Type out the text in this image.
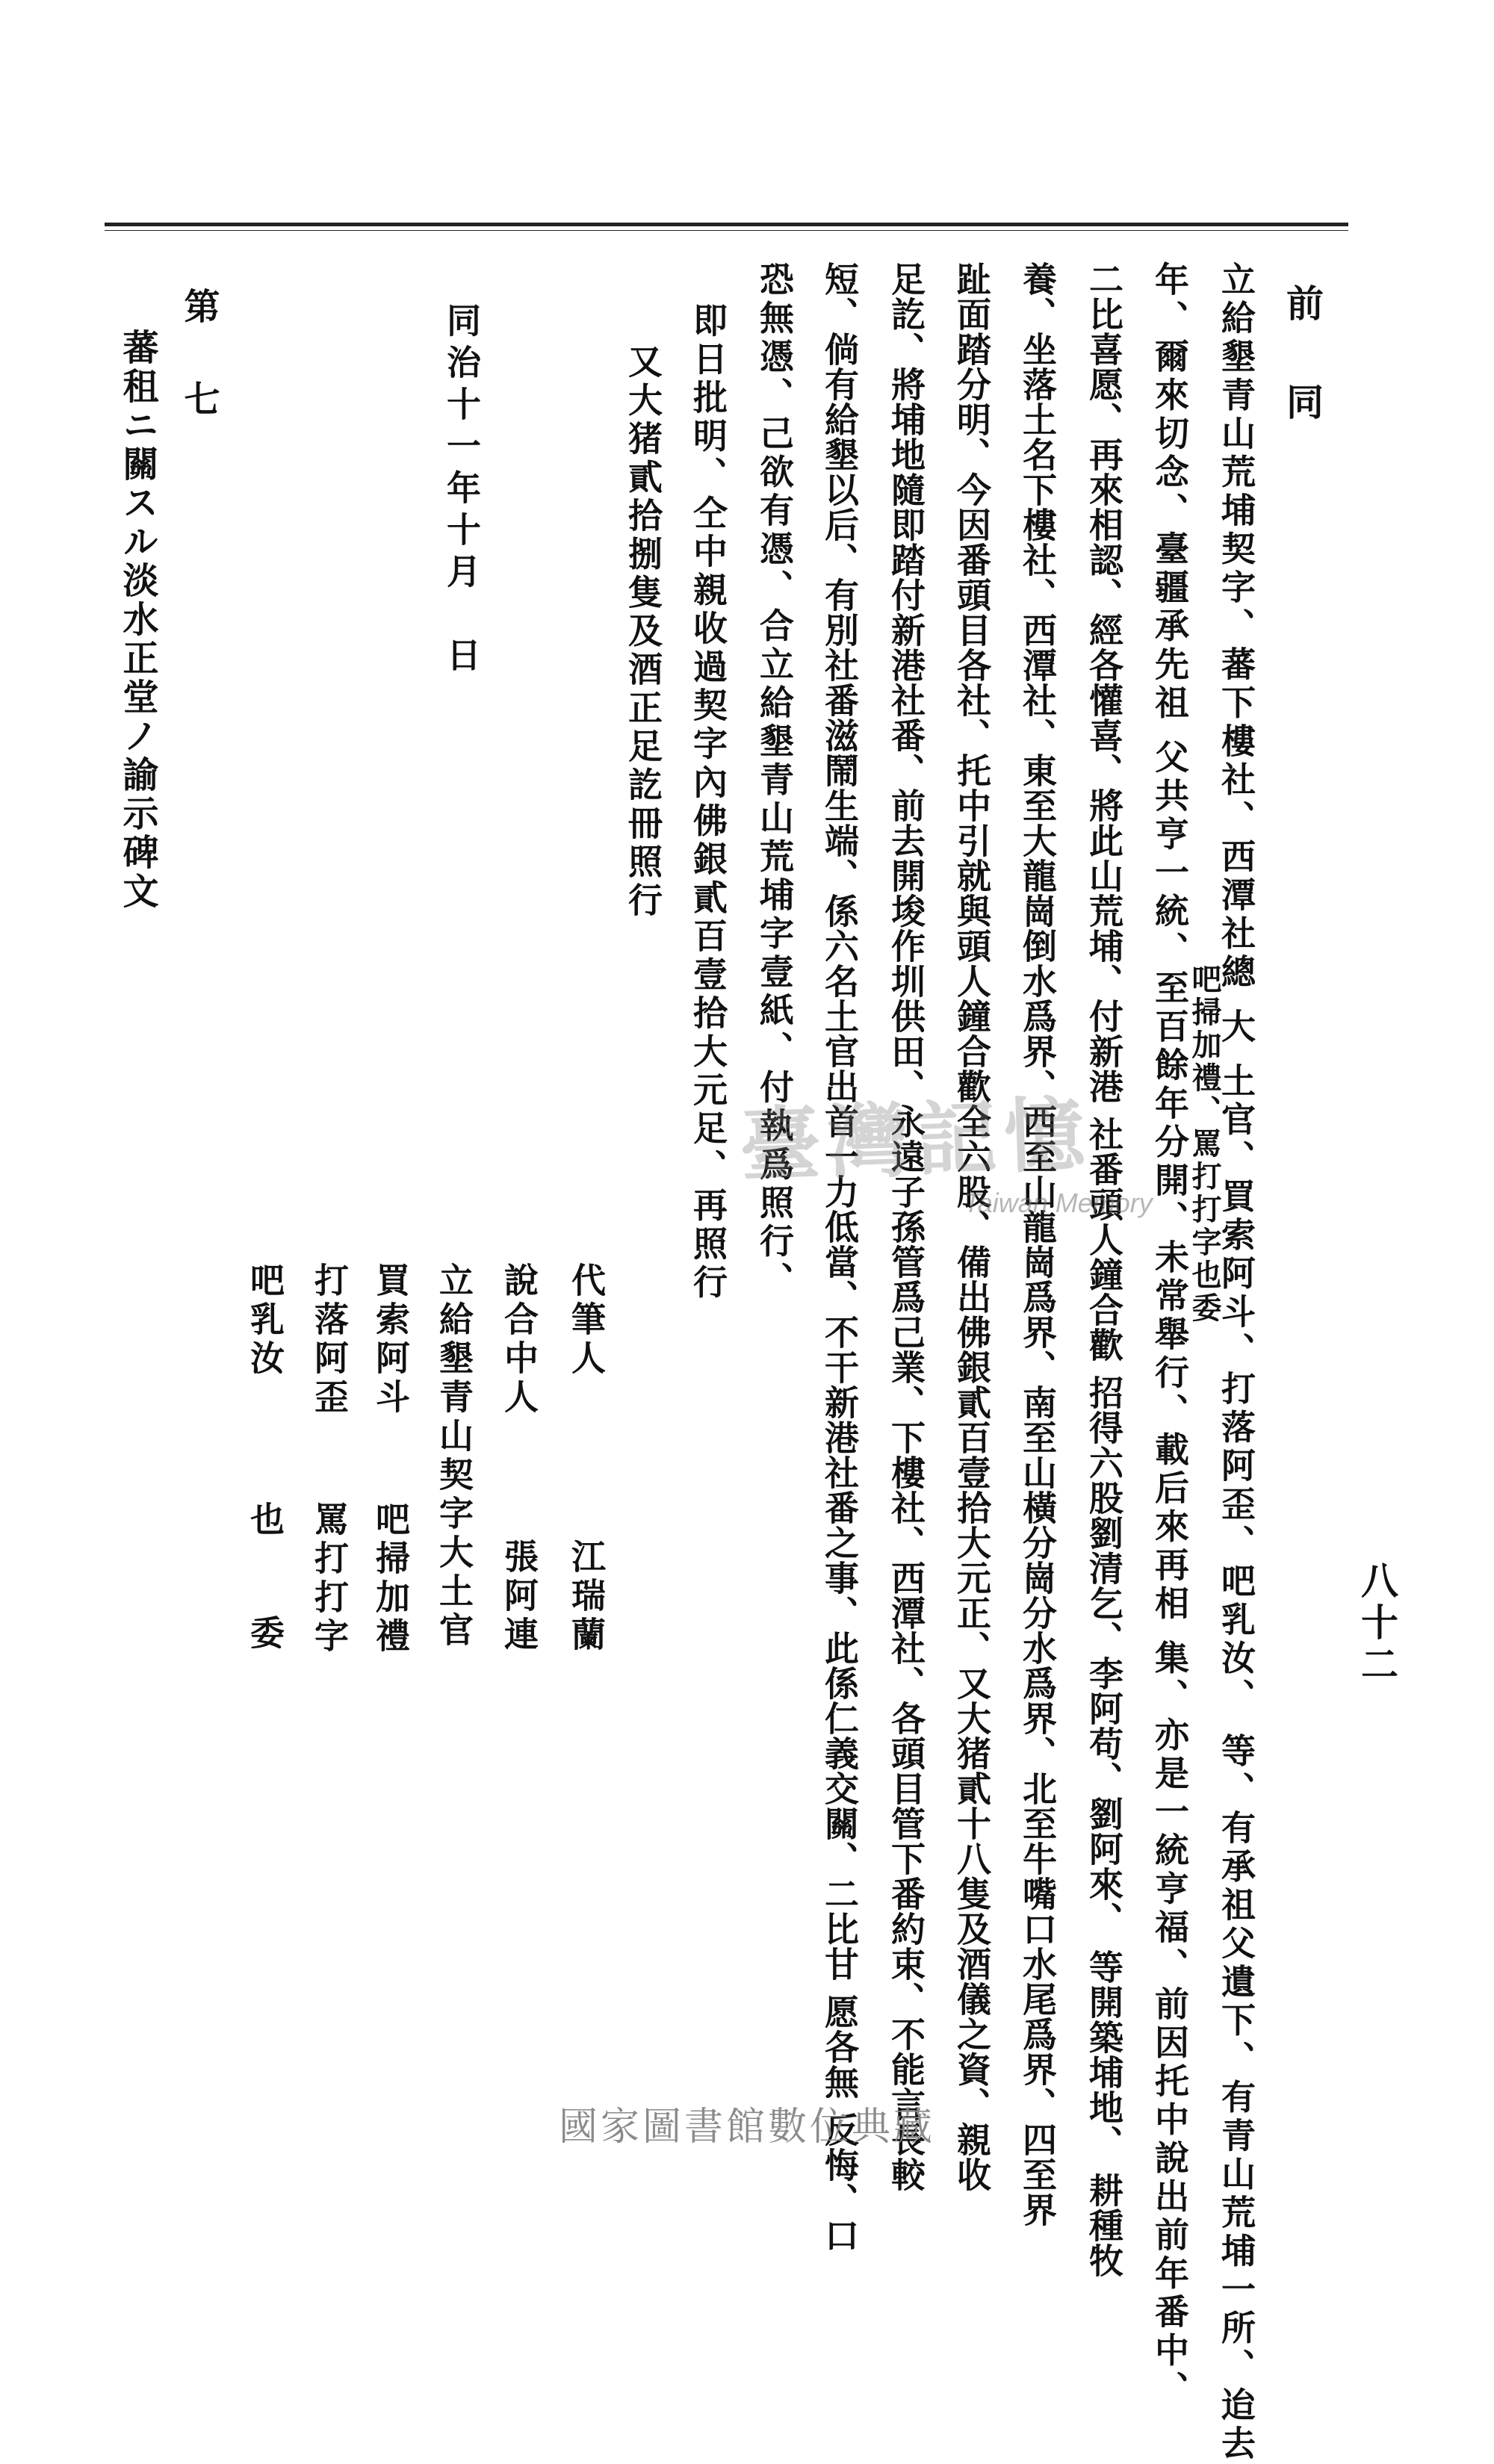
八十二
前　同
立給墾青山荒埔契字、蕃下樓社、西潭社總 大 土官、買索阿斗、打落阿歪、吧乳汝、 等、有承祖父遺下、有青山荒埔一所、迨去
年、爾來切念、臺疆承先祖 父共亨一統、至百餘年分開、未常舉行、載后來再相 集、亦是一統亨福、前因托中說出前年番中、
二比喜愿、再來相認、經各懽喜、將此山荒埔、付新港 社番頭人鐘合歡 招得六股劉清乞、李阿苟、劉阿來、 等開築埔地、 耕種牧
養、坐落土名下樓社、西潭社、東至大龍崗倒水爲界、西至山龍崗爲界、南至山橫分崗分水爲界、北至牛嘴口水尾爲界、四至界
趾面踏分明、今因番頭目各社、托中引就與頭人鐘合歡全六股、備出佛銀貳百壹拾大元正、又大猪貳十八隻及酒儀之資、親收
足訖、將埔地隨即踏付新港社番、前去開埈作圳供田、永遠子孫管爲己業、下樓社、西潭社、各頭目管下番約束、不能言長較
短、倘有給墾以后、有別社番滋鬧生端、係六名土官出首一力低當、不干新港社番之事、此係仁義交關、二比甘 愿各無 反悔、口
恐無憑、己欲有憑、合立給墾青山荒埔字壹紙、付執爲照行、
即日批明、仝中親收過契字內佛銀貳百壹拾大元足、再照行
又大猪貳拾捌隻及酒正足訖冊照行
吧掃加禮、罵打打字也委
同治十一年十月　日
代筆人
江瑞蘭
說合中人
張阿連
立給墾青山契字大土官
買索阿斗
吧掃加禮
打落阿歪
罵打打字
吧乳汝
也　委
第　七
蕃租ニ關スル淡水正堂ノ諭示碑文
臺灣記憶
Taiwan Memory
國家圖書館數位典藏
